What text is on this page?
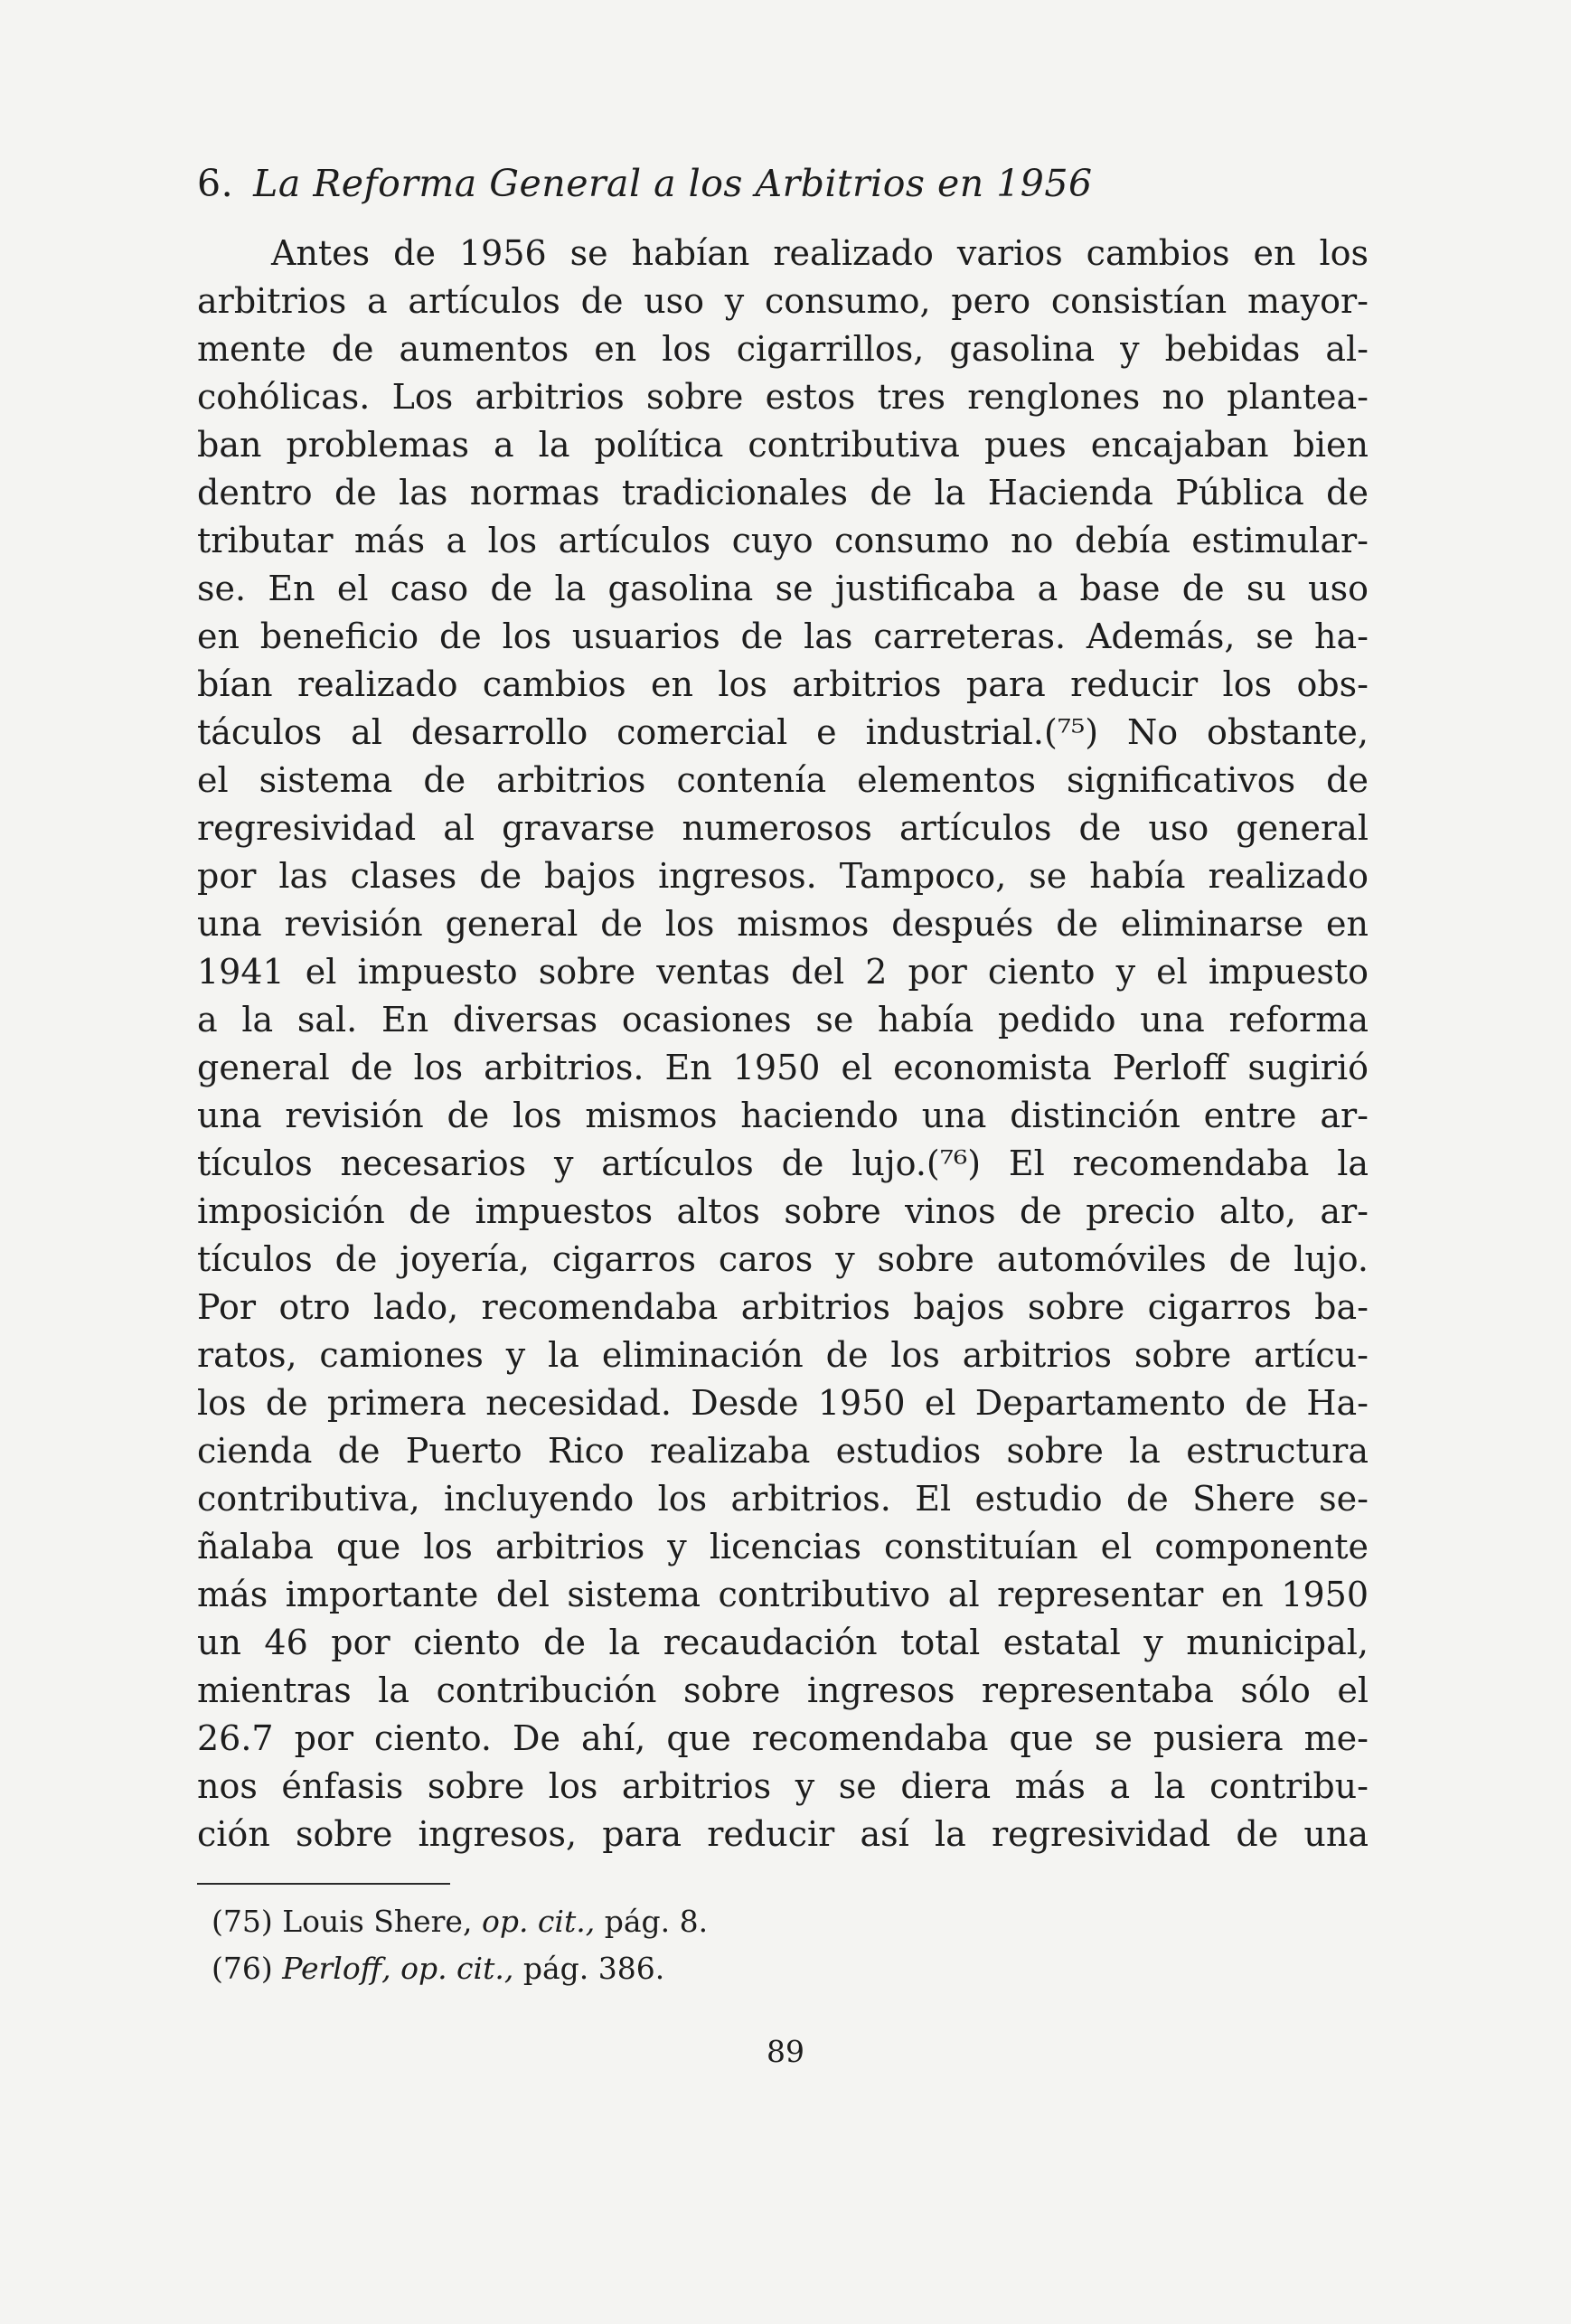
6. La Reforma General a los Arbitrios en 1956
Antes de 1956 se habían realizado varios cambios en los
arbitrios a artículos de uso y consumo, pero consistían mayor-
mente de aumentos en los cigarrillos, gasolina y bebidas al-
cohólicas. Los arbitrios sobre estos tres renglones no plantea-
ban problemas a la política contributiva pues encajaban bien
dentro de las normas tradicionales de la Hacienda Pública de
tributar más a los artículos cuyo consumo no debía estimular-
se. En el caso de la gasolina se justificaba a base de su uso
en beneficio de los usuarios de las carreteras. Además, se ha-
bían realizado cambios en los arbitrios para reducir los obs-
táculos al desarrollo comercial e industrial.(⁷⁵) No obstante,
el sistema de arbitrios contenía elementos significativos de
regresividad al gravarse numerosos artículos de uso general
por las clases de bajos ingresos. Tampoco, se había realizado
una revisión general de los mismos después de eliminarse en
1941 el impuesto sobre ventas del 2 por ciento y el impuesto
a la sal. En diversas ocasiones se había pedido una reforma
general de los arbitrios. En 1950 el economista Perloff sugirió
una revisión de los mismos haciendo una distinción entre ar-
tículos necesarios y artículos de lujo.(⁷⁶) El recomendaba la
imposición de impuestos altos sobre vinos de precio alto, ar-
tículos de joyería, cigarros caros y sobre automóviles de lujo.
Por otro lado, recomendaba arbitrios bajos sobre cigarros ba-
ratos, camiones y la eliminación de los arbitrios sobre artícu-
los de primera necesidad. Desde 1950 el Departamento de Ha-
cienda de Puerto Rico realizaba estudios sobre la estructura
contributiva, incluyendo los arbitrios. El estudio de Shere se-
ñalaba que los arbitrios y licencias constituían el componente
más importante del sistema contributivo al representar en 1950
un 46 por ciento de la recaudación total estatal y municipal,
mientras la contribución sobre ingresos representaba sólo el
26.7 por ciento. De ahí, que recomendaba que se pusiera me-
nos énfasis sobre los arbitrios y se diera más a la contribu-
ción sobre ingresos, para reducir así la regresividad de una
(75) Louis Shere, op. cit., pág. 8.
(76) Perloff, op. cit., pág. 386.
89
